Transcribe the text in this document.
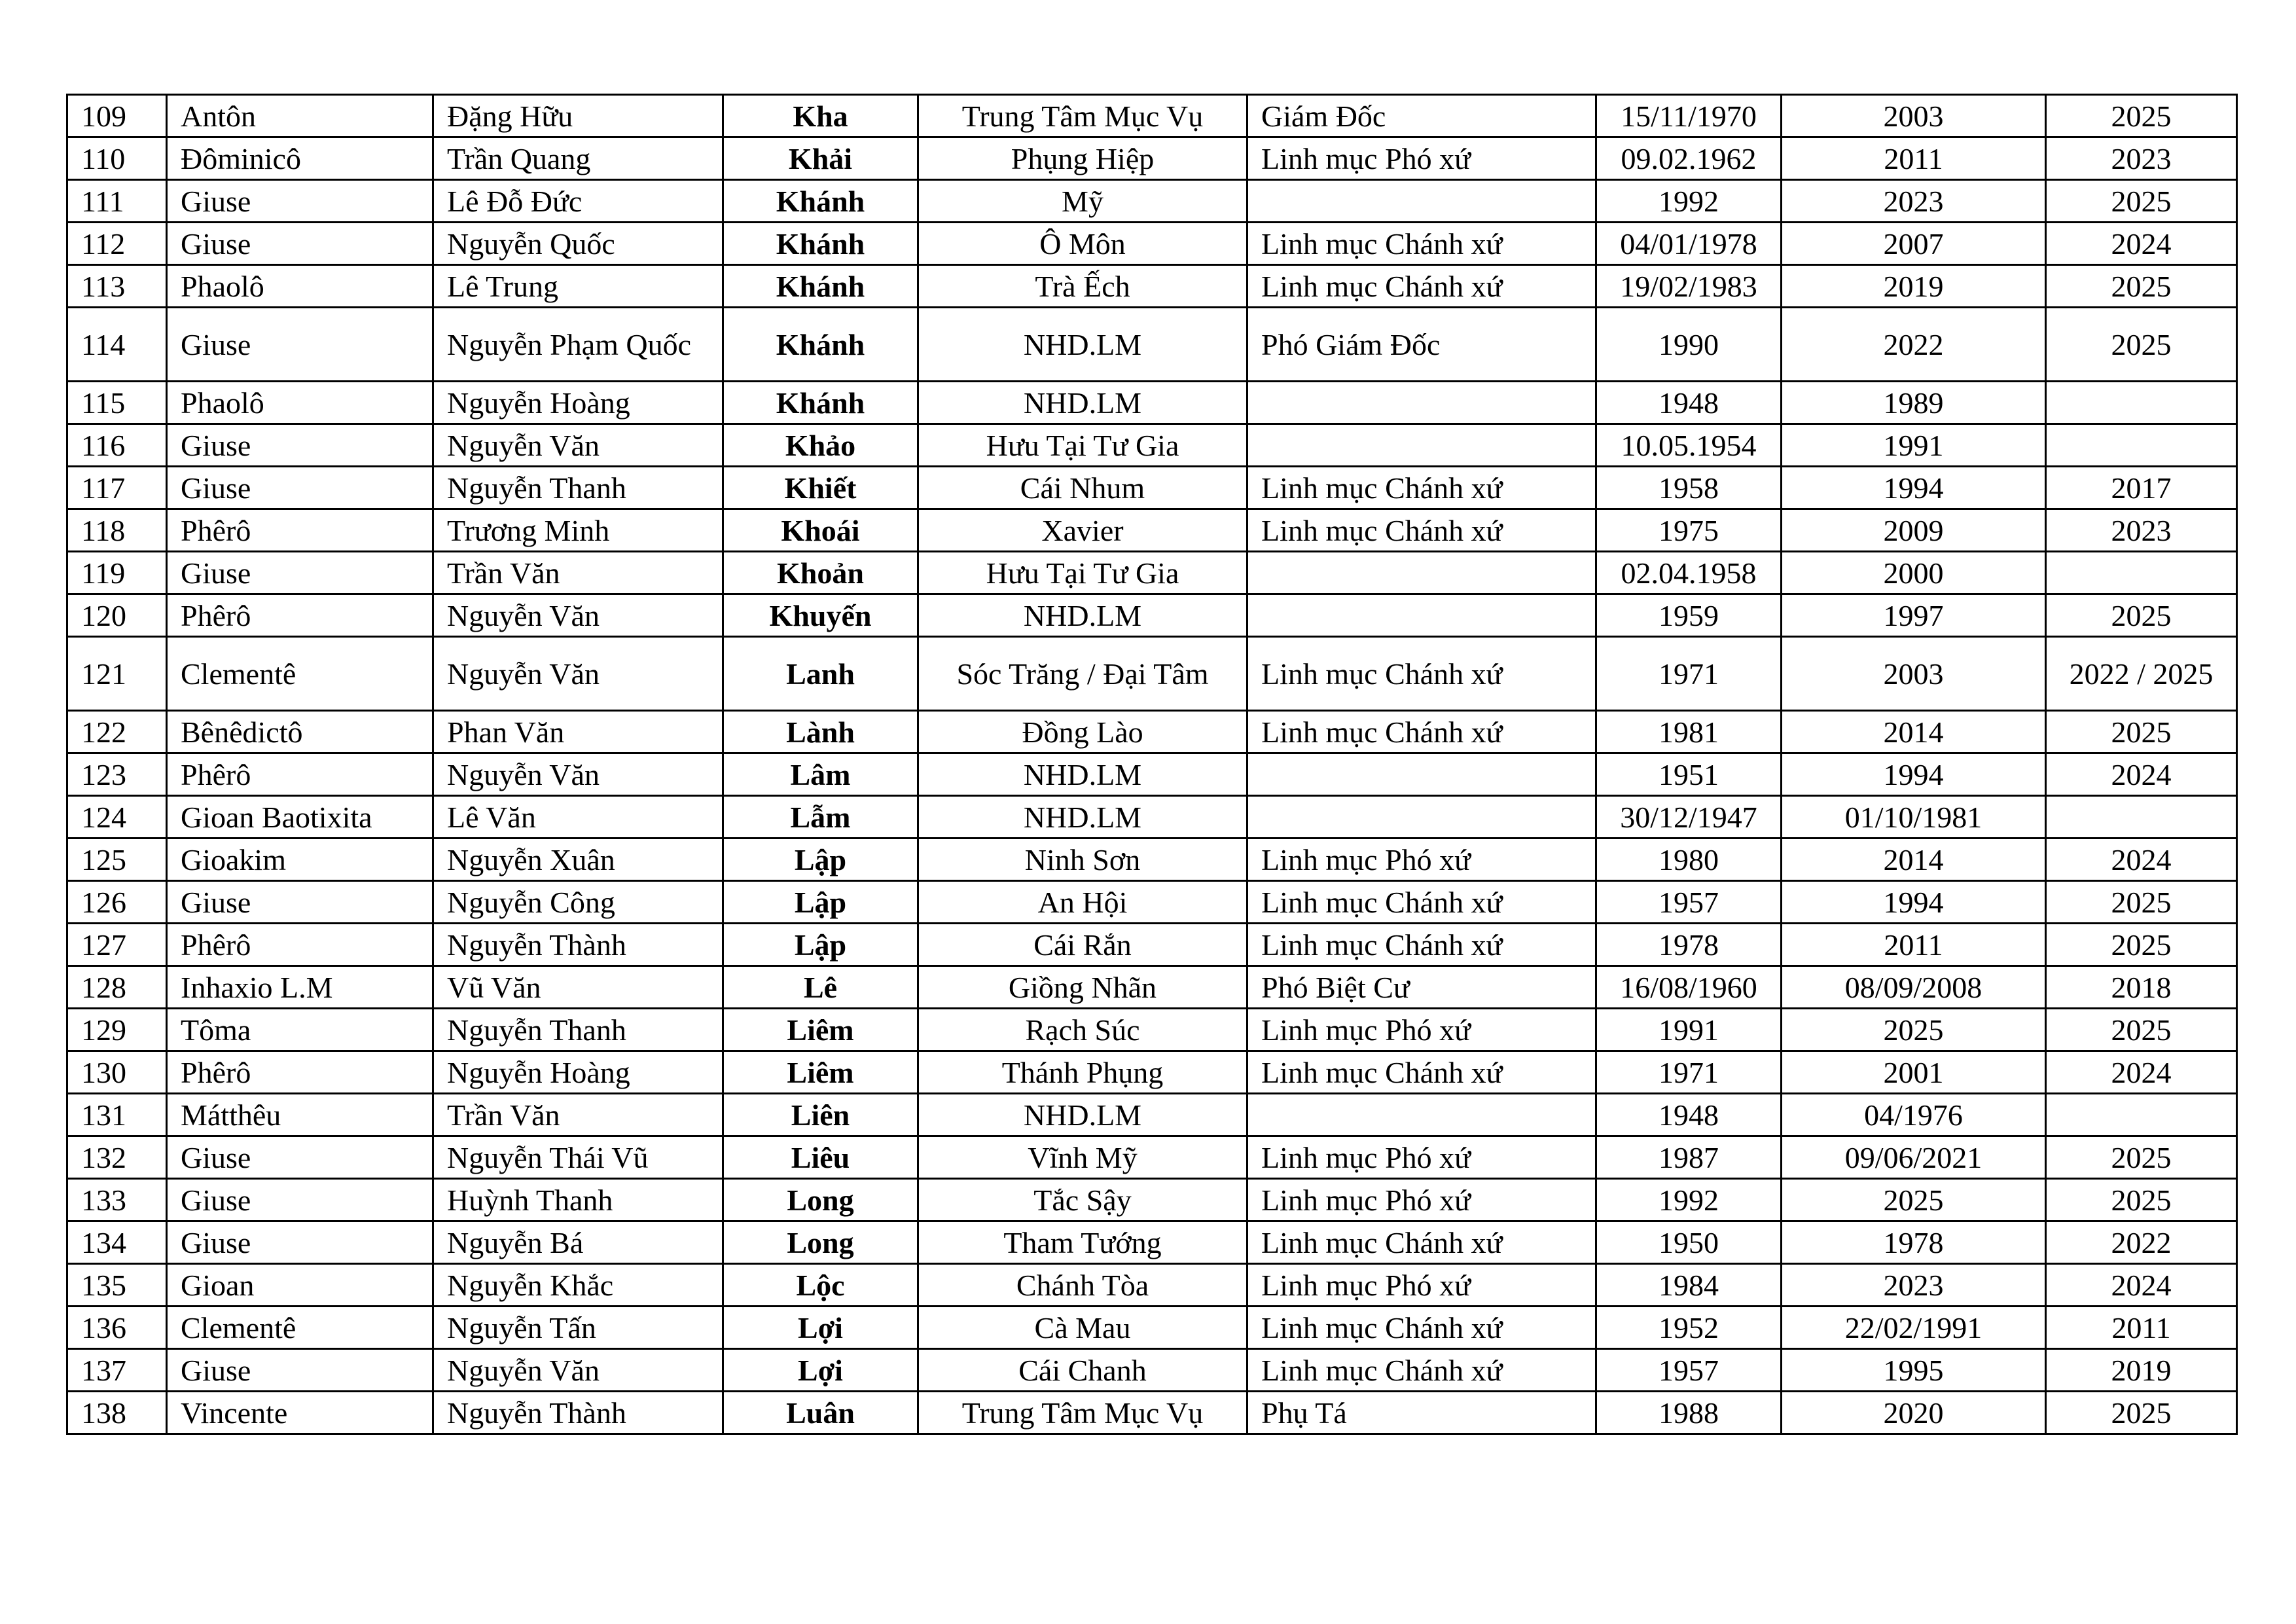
109	Antôn	Đặng Hữu	Kha	Trung Tâm Mục Vụ	Giám Đốc	15/11/1970	2003	2025
110	Đôminicô	Trần Quang	Khải	Phụng Hiệp	Linh mục Phó xứ	09.02.1962	2011	2023
111	Giuse	Lê Đỗ Đức	Khánh	Mỹ		1992	2023	2025
112	Giuse	Nguyễn Quốc	Khánh	Ô Môn	Linh mục Chánh xứ	04/01/1978	2007	2024
113	Phaolô	Lê Trung	Khánh	Trà Ếch	Linh mục Chánh xứ	19/02/1983	2019	2025
114	Giuse	Nguyễn Phạm Quốc	Khánh	NHD.LM	Phó Giám Đốc	1990	2022	2025
115	Phaolô	Nguyễn Hoàng	Khánh	NHD.LM		1948	1989	
116	Giuse	Nguyễn Văn	Khảo	Hưu Tại Tư Gia		10.05.1954	1991	
117	Giuse	Nguyễn Thanh	Khiết	Cái Nhum	Linh mục Chánh xứ	1958	1994	2017
118	Phêrô	Trương Minh	Khoái	Xavier	Linh mục Chánh xứ	1975	2009	2023
119	Giuse	Trần Văn	Khoản	Hưu Tại Tư Gia		02.04.1958	2000	
120	Phêrô	Nguyễn Văn	Khuyến	NHD.LM		1959	1997	2025
121	Clementê	Nguyễn Văn	Lanh	Sóc Trăng / Đại Tâm	Linh mục Chánh xứ	1971	2003	2022 / 2025
122	Bênêdictô	Phan Văn	Lành	Đồng Lào	Linh mục Chánh xứ	1981	2014	2025
123	Phêrô	Nguyễn Văn	Lâm	NHD.LM		1951	1994	2024
124	Gioan Baotixita	Lê Văn	Lẫm	NHD.LM		30/12/1947	01/10/1981	
125	Gioakim	Nguyễn Xuân	Lập	Ninh Sơn	Linh mục Phó xứ	1980	2014	2024
126	Giuse	Nguyễn Công	Lập	An Hội	Linh mục Chánh xứ	1957	1994	2025
127	Phêrô	Nguyễn Thành	Lập	Cái Rắn	Linh mục Chánh xứ	1978	2011	2025
128	Inhaxio L.M	Vũ Văn	Lê	Giồng Nhãn	Phó Biệt Cư	16/08/1960	08/09/2008	2018
129	Tôma	Nguyễn Thanh	Liêm	Rạch Súc	Linh mục Phó xứ	1991	2025	2025
130	Phêrô	Nguyễn Hoàng	Liêm	Thánh Phụng	Linh mục Chánh xứ	1971	2001	2024
131	Mátthêu	Trần Văn	Liên	NHD.LM		1948	04/1976	
132	Giuse	Nguyễn Thái Vũ	Liêu	Vĩnh Mỹ	Linh mục Phó xứ	1987	09/06/2021	2025
133	Giuse	Huỳnh Thanh	Long	Tắc Sậy	Linh mục Phó xứ	1992	2025	2025
134	Giuse	Nguyễn Bá	Long	Tham Tướng	Linh mục Chánh xứ	1950	1978	2022
135	Gioan	Nguyễn Khắc	Lộc	Chánh Tòa	Linh mục Phó xứ	1984	2023	2024
136	Clementê	Nguyễn Tấn	Lợi	Cà Mau	Linh mục Chánh xứ	1952	22/02/1991	2011
137	Giuse	Nguyễn Văn	Lợi	Cái Chanh	Linh mục Chánh xứ	1957	1995	2019
138	Vincente	Nguyễn Thành	Luân	Trung Tâm Mục Vụ	Phụ Tá	1988	2020	2025
